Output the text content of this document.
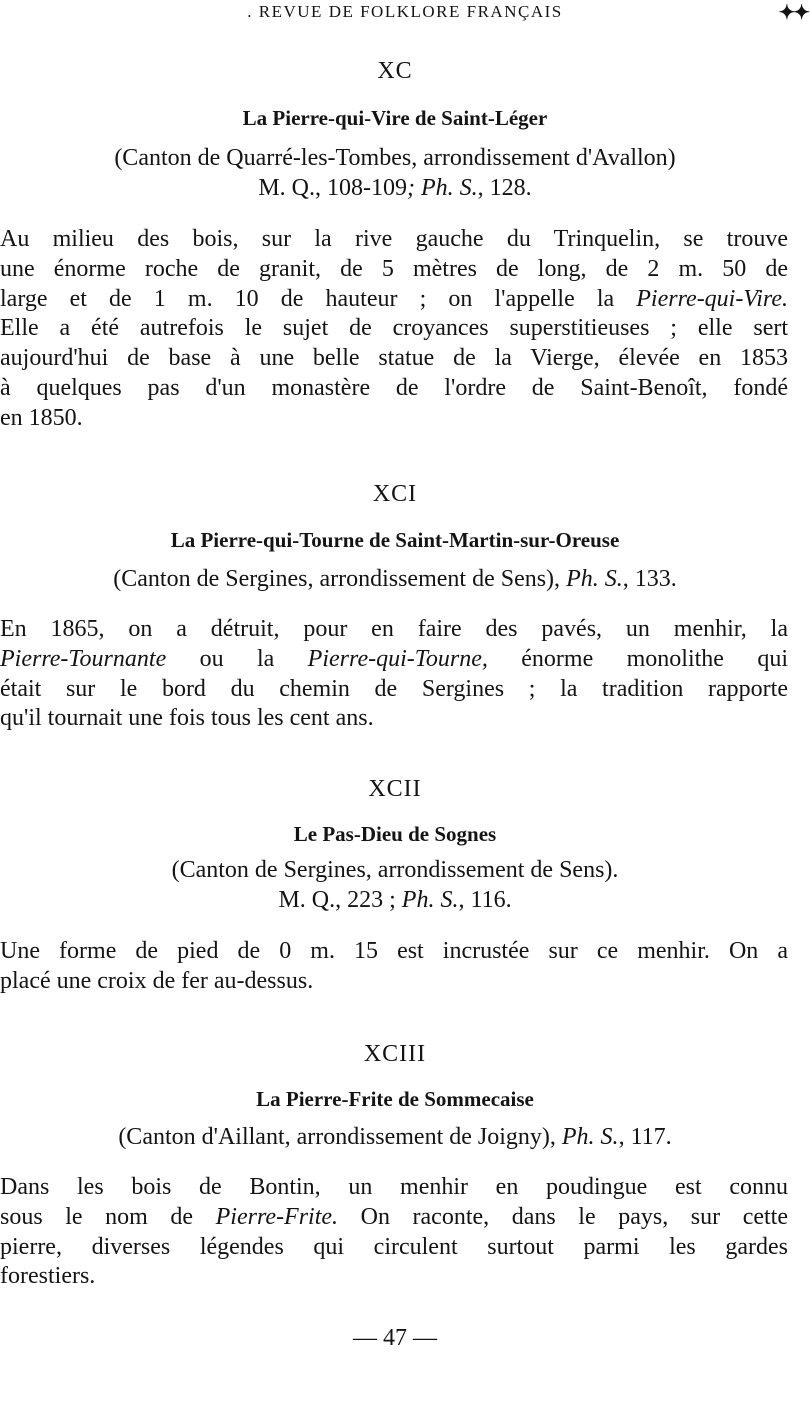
. REVUE DE FOLKLORE FRANÇAIS	✦✦
XC
La Pierre-qui-Vire de Saint-Léger
(Canton de Quarré-les-Tombes, arrondissement d'Avallon)
M. Q., 108-109; Ph. S., 128.
Au milieu des bois, sur la rive gauche du Trinquelin, se trouve
une énorme roche de granit, de 5 mètres de long, de 2 m. 50 de
large et de 1 m. 10 de hauteur ; on l'appelle la Pierre-qui-Vire.
Elle a été autrefois le sujet de croyances superstitieuses ; elle sert
aujourd'hui de base à une belle statue de la Vierge, élevée en 1853
à quelques pas d'un monastère de l'ordre de Saint-Benoît, fondé
en 1850.
XCI
La Pierre-qui-Tourne de Saint-Martin-sur-Oreuse
(Canton de Sergines, arrondissement de Sens), Ph. S., 133.
En 1865, on a détruit, pour en faire des pavés, un menhir, la
Pierre-Tournante ou la Pierre-qui-Tourne, énorme monolithe qui
était sur le bord du chemin de Sergines ; la tradition rapporte
qu'il tournait une fois tous les cent ans.
XCII
Le Pas-Dieu de Sognes
(Canton de Sergines, arrondissement de Sens).
M. Q., 223 ; Ph. S., 116.
Une forme de pied de 0 m. 15 est incrustée sur ce menhir. On a
placé une croix de fer au-dessus.
XCIII
La Pierre-Frite de Sommecaise
(Canton d'Aillant, arrondissement de Joigny), Ph. S., 117.
Dans les bois de Bontin, un menhir en poudingue est connu
sous le nom de Pierre-Frite. On raconte, dans le pays, sur cette
pierre, diverses légendes qui circulent surtout parmi les gardes
forestiers.
— 47 —
